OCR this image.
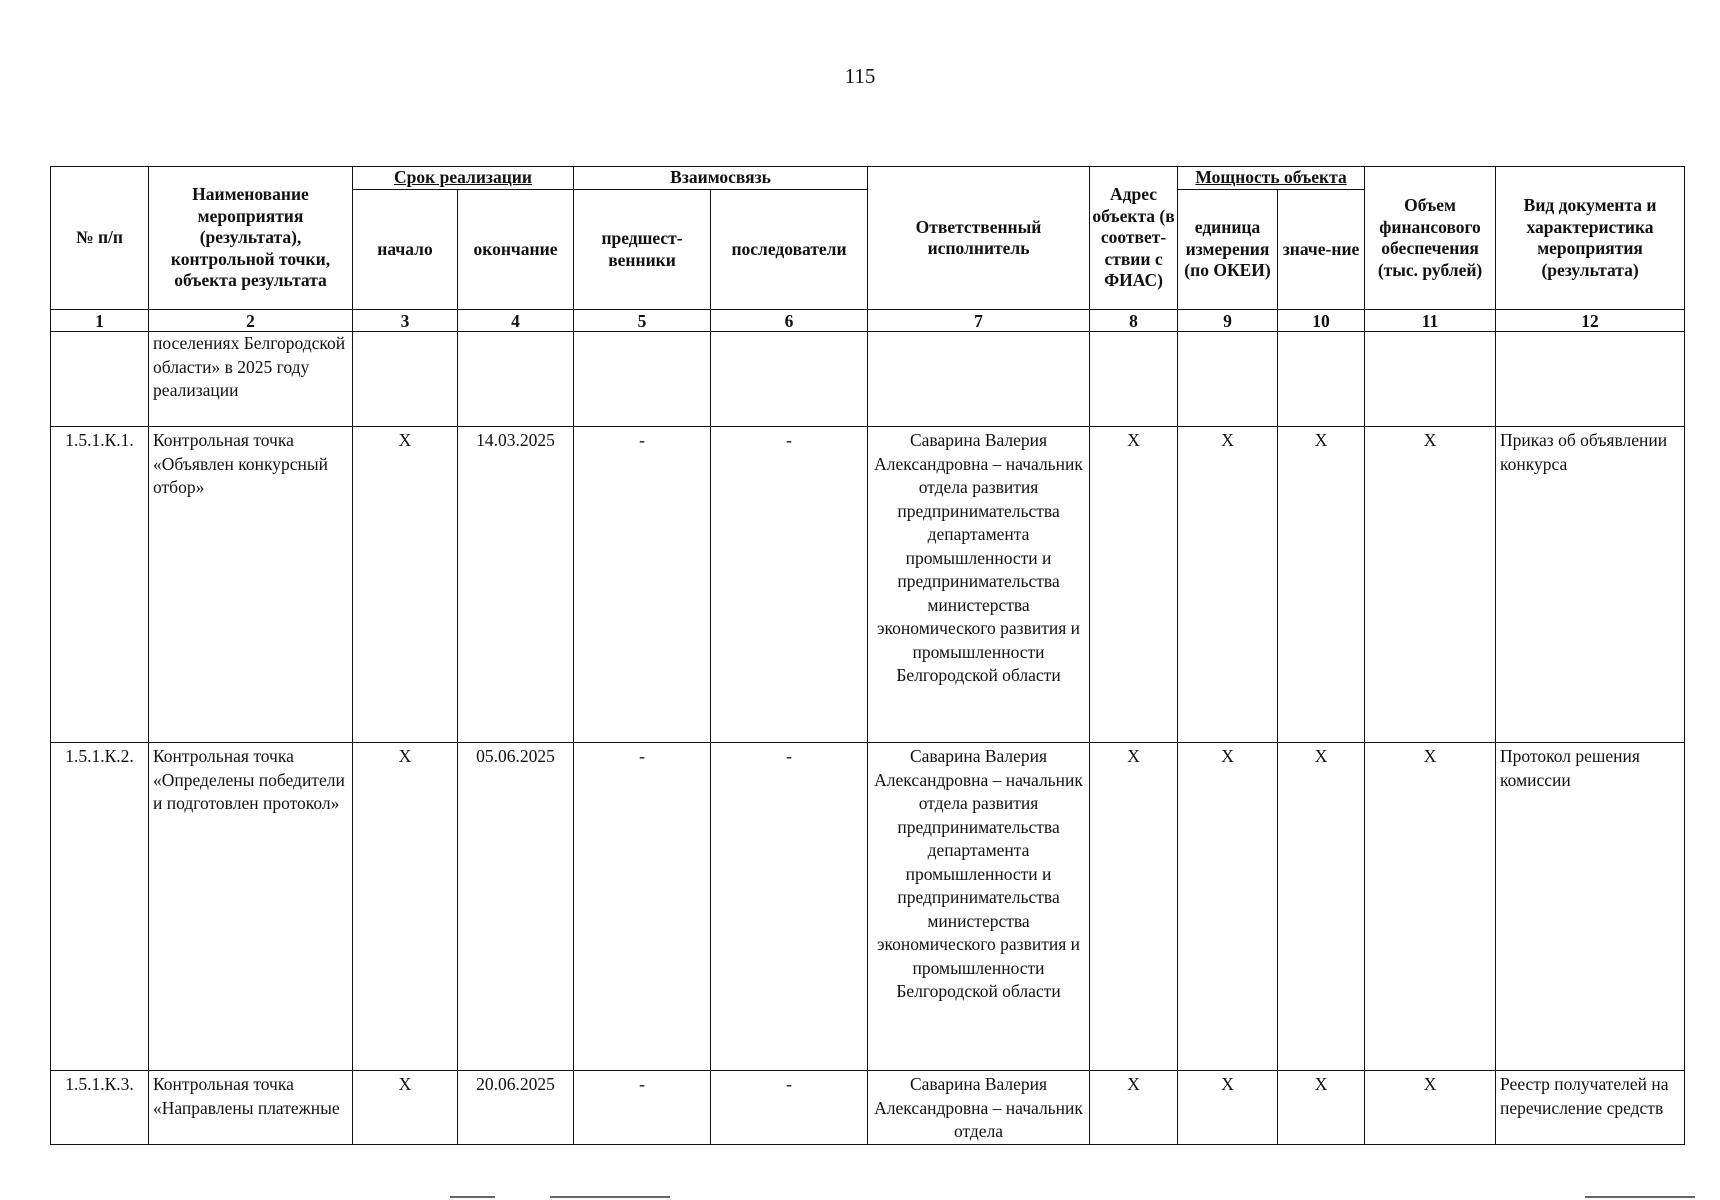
115
№ п/п	Наименование мероприятия (результата), контрольной точки, объекта результата	Срок реализации		Взаимосвязь		Ответственный исполнитель	Адрес объекта (в соответ-ствии с ФИАС)	Мощность объекта		Объем финансового обеспечения (тыс. рублей)	Вид документа и характеристика мероприятия (результата)
		начало	окончание	предшест-венники	последователи			единица измерения (по ОКЕИ)	значе-ние		
1	2	3	4	5	6	7	8	9	10	11	12
	поселениях Белгородской области» в 2025 году реализации										
1.5.1.К.1.	Контрольная точка «Объявлен конкурсный отбор»	Х	14.03.2025	-	-	Саварина Валерия Александровна – начальник отдела развития предпринимательства департамента промышленности и предпринимательства министерства экономического развития и промышленности Белгородской области	Х	Х	Х	Х	Приказ об объявлении конкурса
1.5.1.К.2.	Контрольная точка «Определены победители и подготовлен протокол»	Х	05.06.2025	-	-	Саварина Валерия Александровна – начальник отдела развития предпринимательства департамента промышленности и предпринимательства министерства экономического развития и промышленности Белгородской области	Х	Х	Х	Х	Протокол решения комиссии
1.5.1.К.3.	Контрольная точка «Направлены платежные	Х	20.06.2025	-	-	Саварина Валерия Александровна – начальник отдела	Х	Х	Х	Х	Реестр получателей на перечисление средств
